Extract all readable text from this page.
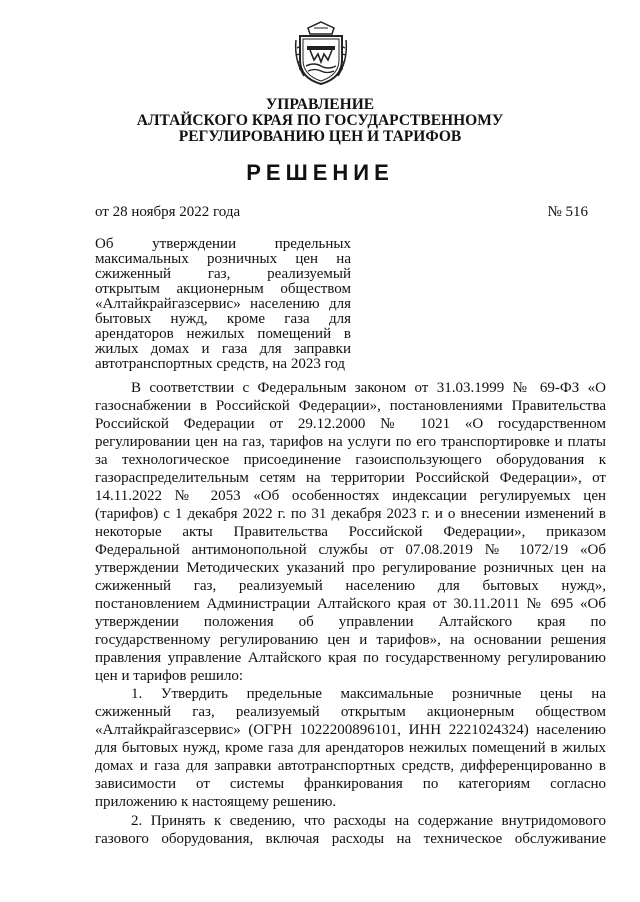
УПРАВЛЕНИЕ
АЛТАЙСКОГО КРАЯ ПО ГОСУДАРСТВЕННОМУ
РЕГУЛИРОВАНИЮ ЦЕН И ТАРИФОВ
РЕШЕНИЕ
от 28 ноября 2022 года	№ 516
Об утверждении предельных
максимальных розничных цен на
сжиженный газ, реализуемый
открытым акционерным обществом
«Алтайкрайгазсервис» населению для
бытовых нужд, кроме газа для
арендаторов нежилых помещений в
жилых домах и газа для заправки
автотранспортных средств, на 2023 год
В соответствии с Федеральным законом от 31.03.1999 № 69-ФЗ «О
газоснабжении в Российской Федерации», постановлениями Правительства
Российской Федерации от 29.12.2000 № 1021 «О государственном
регулировании цен на газ, тарифов на услуги по его транспортировке и платы
за технологическое присоединение газоиспользующего оборудования к
газораспределительным сетям на территории Российской Федерации», от
14.11.2022 № 2053 «Об особенностях индексации регулируемых цен
(тарифов) с 1 декабря 2022 г. по 31 декабря 2023 г. и о внесении изменений в
некоторые акты Правительства Российской Федерации», приказом
Федеральной антимонопольной службы от 07.08.2019 № 1072/19 «Об
утверждении Методических указаний про регулирование розничных цен на
сжиженный газ, реализуемый населению для бытовых нужд»,
постановлением Администрации Алтайского края от 30.11.2011 № 695 «Об
утверждении положения об управлении Алтайского края по
государственному регулированию цен и тарифов», на основании решения
правления управление Алтайского края по государственному регулированию
цен и тарифов решило:
1. Утвердить предельные максимальные розничные цены на
сжиженный газ, реализуемый открытым акционерным обществом
«Алтайкрайгазсервис» (ОГРН 1022200896101, ИНН 2221024324) населению
для бытовых нужд, кроме газа для арендаторов нежилых помещений в жилых
домах и газа для заправки автотранспортных средств, дифференцированно в
зависимости от системы франкирования по категориям согласно
приложению к настоящему решению.
2. Принять к сведению, что расходы на содержание внутридомового
газового оборудования, включая расходы на техническое обслуживание
